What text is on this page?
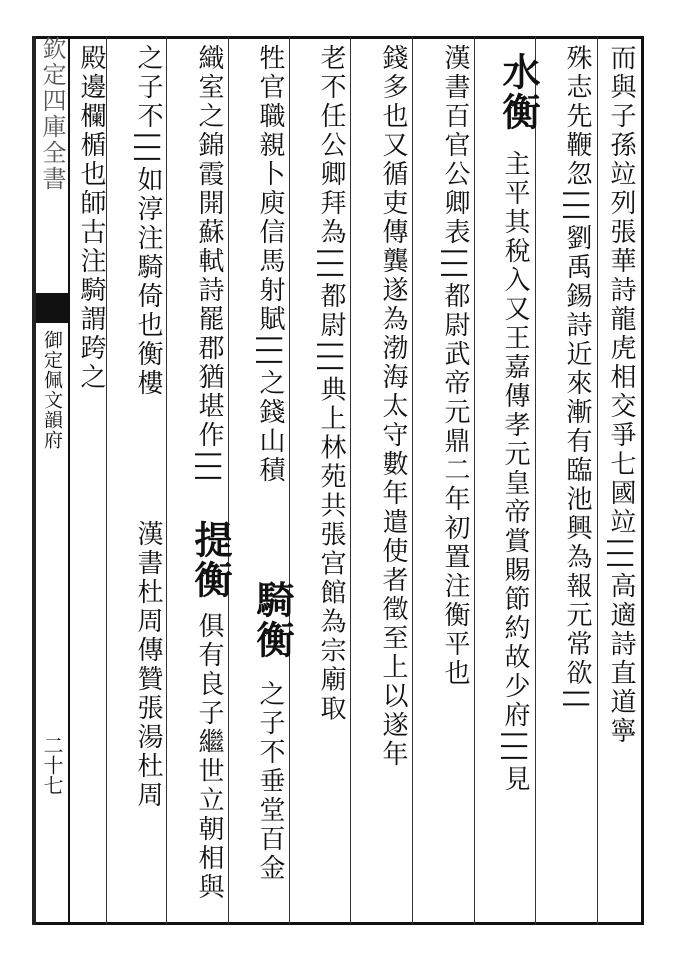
欽定四庫全書
御定佩文韻府
二十七
而與子孫竝列張華詩龍虎相交爭七國竝|||高適詩直道寧
殊志先鞭忽|||劉禹錫詩近來漸有臨池興為報元常欲||
水衡
主平其稅入又王嘉傳孝元皇帝賞賜節約故少府|||見
漢書百官公卿表|||都尉武帝元鼎二年初置注衡平也
錢多也又循吏傳龔遂為渤海太守數年遣使者徵至上以遂年
老不任公卿拜為|||都尉|||典上林苑共張宫館為宗廟取
牲官職親卜庾信馬射賦|||之錢山積
騎衡
之子不垂堂百金
織室之錦霞開蘇軾詩罷郡猶堪作|||
提衡
俱有良子繼世立朝相與
之子不|||如淳注騎倚也衡樓
漢書杜周傳贊張湯杜周
殿邊欄楯也師古注騎謂跨之
